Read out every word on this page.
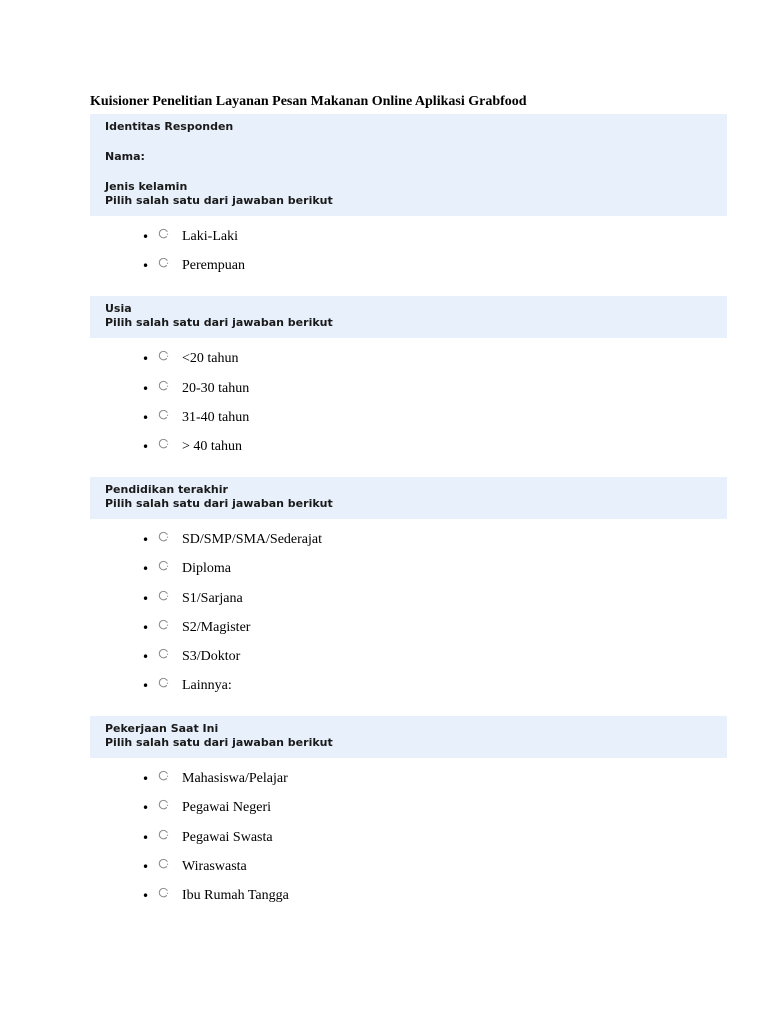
Kuisioner Penelitian Layanan Pesan Makanan Online Aplikasi Grabfood
Identitas Responden
Nama:
Jenis kelamin
Pilih salah satu dari jawaban berikut
•	Laki-Laki
•	Perempuan
Usia
Pilih salah satu dari jawaban berikut
•	<20 tahun
•	20-30 tahun
•	31-40 tahun
•	> 40 tahun
Pendidikan terakhir
Pilih salah satu dari jawaban berikut
•	SD/SMP/SMA/Sederajat
•	Diploma
•	S1/Sarjana
•	S2/Magister
•	S3/Doktor
•	Lainnya:
Pekerjaan Saat Ini
Pilih salah satu dari jawaban berikut
•	Mahasiswa/Pelajar
•	Pegawai Negeri
•	Pegawai Swasta
•	Wiraswasta
•	Ibu Rumah Tangga
